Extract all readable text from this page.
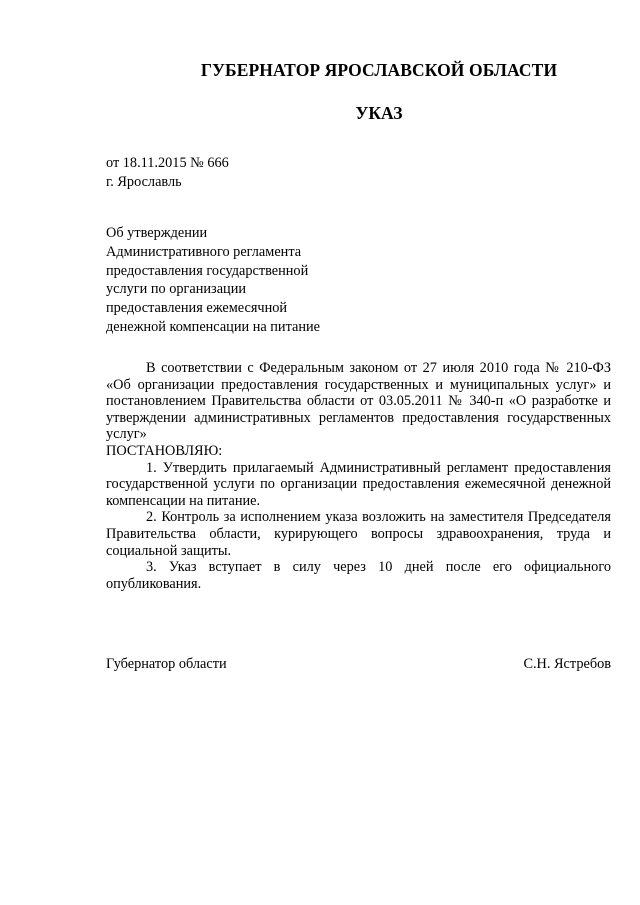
ГУБЕРНАТОР ЯРОСЛАВСКОЙ ОБЛАСТИ
УКАЗ
от 18.11.2015 № 666
г. Ярославль
Об утверждении
Административного регламента
предоставления государственной
услуги по организации
предоставления ежемесячной
денежной компенсации на питание

В соответствии с Федеральным законом от 27 июля 2010 года № 210-ФЗ «Об организации предоставления государственных и муниципальных услуг» и постановлением Правительства области от 03.05.2011 № 340-п «О разработке и утверждении административных регламентов предоставления государственных услуг»

ПОСТАНОВЛЯЮ:

1. Утвердить прилагаемый Административный регламент предоставления государственной услуги по организации предоставления ежемесячной денежной компенсации на питание.

2. Контроль за исполнением указа возложить на заместителя Председателя Правительства области, курирующего вопросы здравоохранения, труда и социальной защиты.

3. Указ вступает в силу через 10 дней после его официального опубликования.

Губернатор области	С.Н. Ястребов
